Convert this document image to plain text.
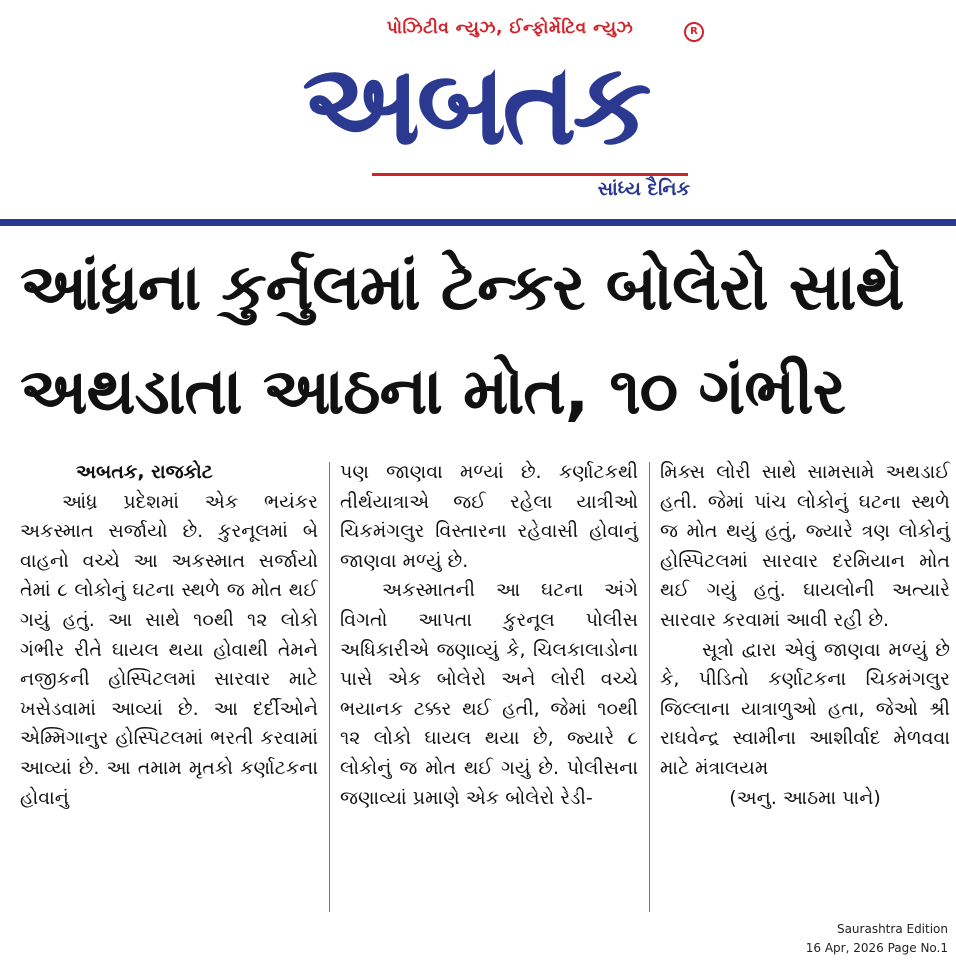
પોઝિટીવ ન્યુઝ, ઈન્ફોર્મેટિવ ન્યુઝ
અબતક
R
સાંધ્ય દૈનિક
આંધ્રના કુર્નુલમાં ટેન્કર બોલેરો સાથે
અથડાતા આઠના મોત, ૧૦ ગંભીર
અબતક, રાજકોટ

આંધ્ર પ્રદેશમાં એક ભયંકર અકસ્માત સર્જાયો છે. કુરનૂલમાં બે વાહનો વચ્ચે આ અકસ્માત સર્જાયો તેમાં ૮ લોકોનું ઘટના સ્થળે જ મોત થઈ ગયું હતું. આ સાથે ૧૦થી ૧૨ લોકો ગંભીર રીતે ઘાયલ થયા હોવાથી તેમને નજીકની હોસ્પિટલમાં સારવાર માટે ખસેડવામાં આવ્યાં છે. આ દર્દીઓને એમ્મિગાનુર હોસ્પિટલમાં ભરતી કરવામાં આવ્યાં છે. આ તમામ મૃતકો કર્ણાટકના હોવાનું

પણ જાણવા મળ્યાં છે. કર્ણાટકથી તીર્થયાત્રાએ જઈ રહેલા યાત્રીઓ ચિકમંગલુર વિસ્તારના રહેવાસી હોવાનું જાણવા મળ્યું છે.

અકસ્માતની આ ઘટના અંગે વિગતો આપતા કુરનૂલ પોલીસ અધિકારીએ જણાવ્યું કે, ચિલકાલાડોના પાસે એક બોલેરો અને લોરી વચ્ચે ભયાનક ટક્કર થઈ હતી, જેમાં ૧૦થી ૧૨ લોકો ઘાયલ થયા છે, જ્યારે ૮ લોકોનું જ મોત થઈ ગયું છે. પોલીસના જણાવ્યાં પ્રમાણે એક બોલેરો રેડી-

મિક્સ લોરી સાથે સામસામે અથડાઈ હતી. જેમાં પાંચ લોકોનું ઘટના સ્થળે જ મોત થયું હતું, જ્યારે ત્રણ લોકોનું હોસ્પિટલમાં સારવાર દરમિયાન મોત થઈ ગયું હતું. ઘાયલોની અત્યારે સારવાર કરવામાં આવી રહી છે.

સૂત્રો દ્વારા એવું જાણવા મળ્યું છે કે, પીડિતો કર્ણાટકના ચિકમંગલુર જિલ્લાના યાત્રાળુઓ હતા, જેઓ શ્રી રાઘવેન્દ્ર સ્વામીના આશીર્વાદ મેળવવા માટે મંત્રાલયમ

(અનુ. આઠમા પાને)
Saurashtra Edition
16 Apr, 2026 Page No.1
